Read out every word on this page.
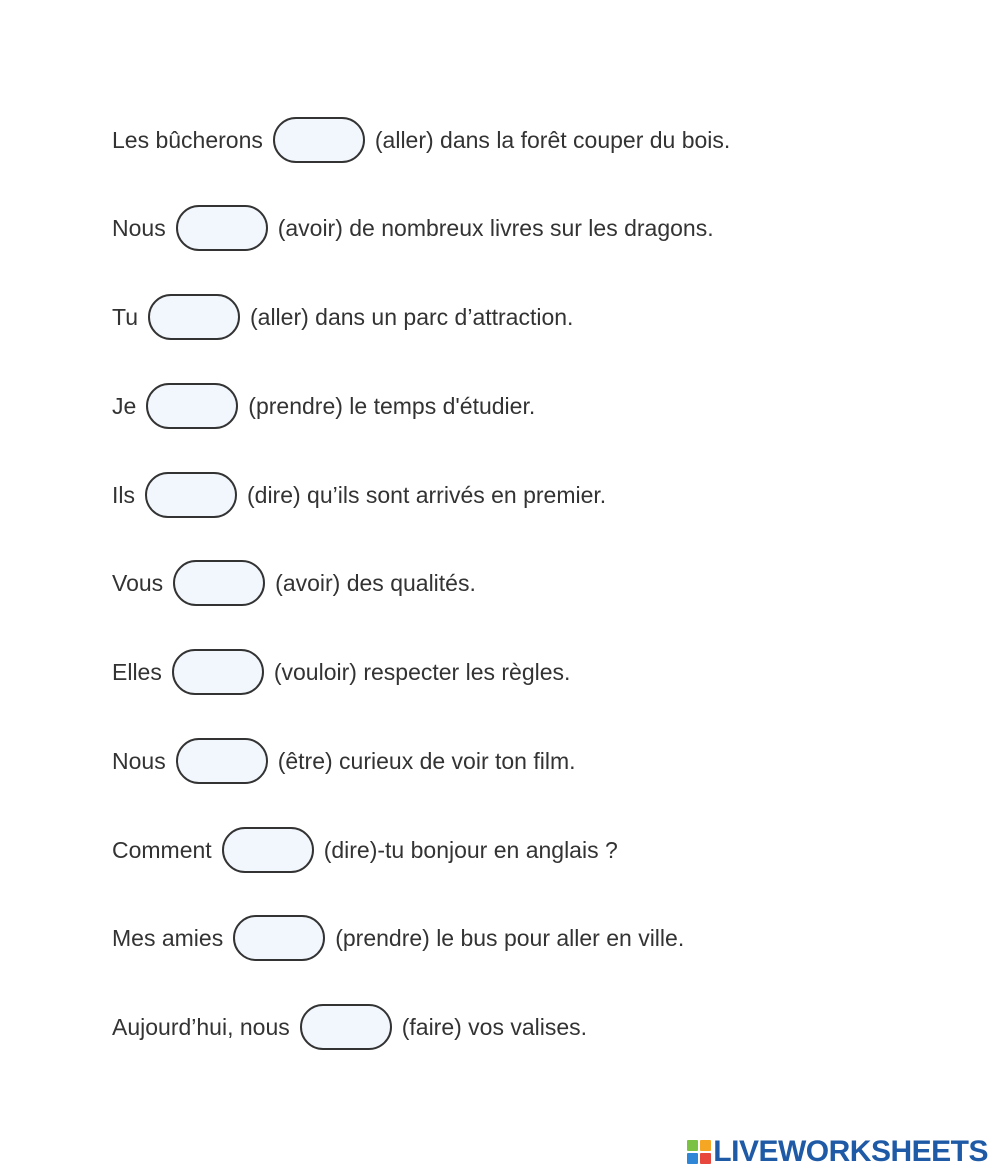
Les bûcherons	(aller) dans la forêt couper du bois.
Nous	(avoir) de nombreux livres sur les dragons.
Tu	(aller) dans un parc d’attraction.
Je	(prendre) le temps d'étudier.
Ils	(dire) qu’ils sont arrivés en premier.
Vous	(avoir) des qualités.
Elles	(vouloir) respecter les règles.
Nous	(être) curieux de voir ton film.
Comment	(dire)-tu bonjour en anglais ?
Mes amies	(prendre) le bus pour aller en ville.
Aujourd’hui, nous	(faire) vos valises.
LIVEWORKSHEETS
